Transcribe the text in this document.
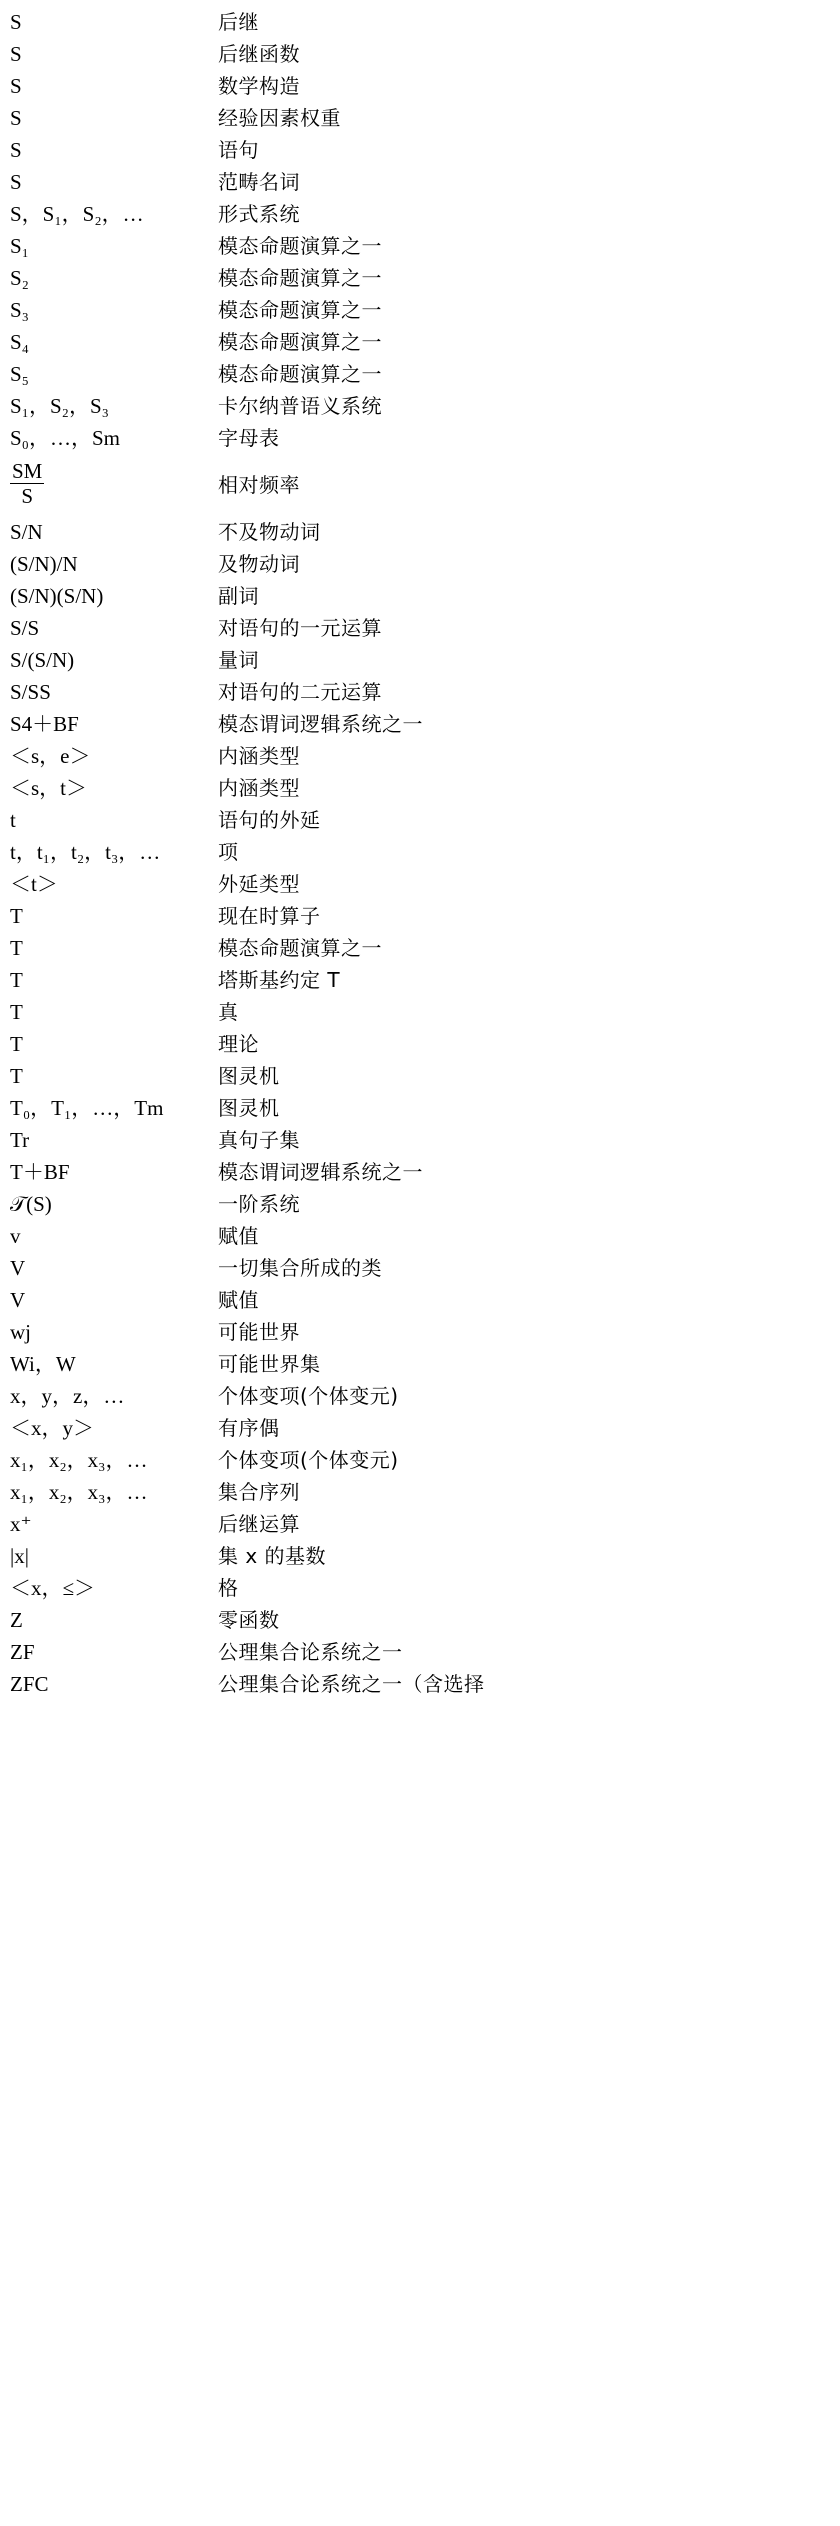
S	后继
S	后继函数
S	数学构造
S	经验因素权重
S	语句
S	范畴名词
S，S₁，S₂，…	形式系统
S₁	模态命题演算之一
S₂	模态命题演算之一
S₃	模态命题演算之一
S₄	模态命题演算之一
S₅	模态命题演算之一
S₁，S₂，S₃	卡尔纳普语义系统
S₀，…，Sm	字母表
$\frac{SM}{S}$	相对频率
S/N	不及物动词
(S/N)/N	及物动词
(S/N)(S/N)	副词
S/S	对语句的一元运算
S/(S/N)	量词
S/SS	对语句的二元运算
S4＋BF	模态谓词逻辑系统之一
＜s，e＞	内涵类型
＜s，t＞	内涵类型
t	语句的外延
t，t₁，t₂，t₃，…	项
＜t＞	外延类型
T	现在时算子
T	模态命题演算之一
T	塔斯基约定 T
T	真
T	理论
T	图灵机
T₀，T₁，…，Tm	图灵机
Tr	真句子集
T＋BF	模态谓词逻辑系统之一
𝒯(S)	一阶系统
v	赋值
V	一切集合所成的类
V	赋值
wj	可能世界
Wi，W	可能世界集
x，y，z，…	个体变项(个体变元)
＜x，y＞	有序偶
x₁，x₂，x₃，…	个体变项(个体变元)
x₁，x₂，x₃，…	集合序列
x⁺	后继运算
|x|	集 x 的基数
＜x，≤＞	格
Z	零函数
ZF	公理集合论系统之一
ZFC	公理集合论系统之一（含选择
